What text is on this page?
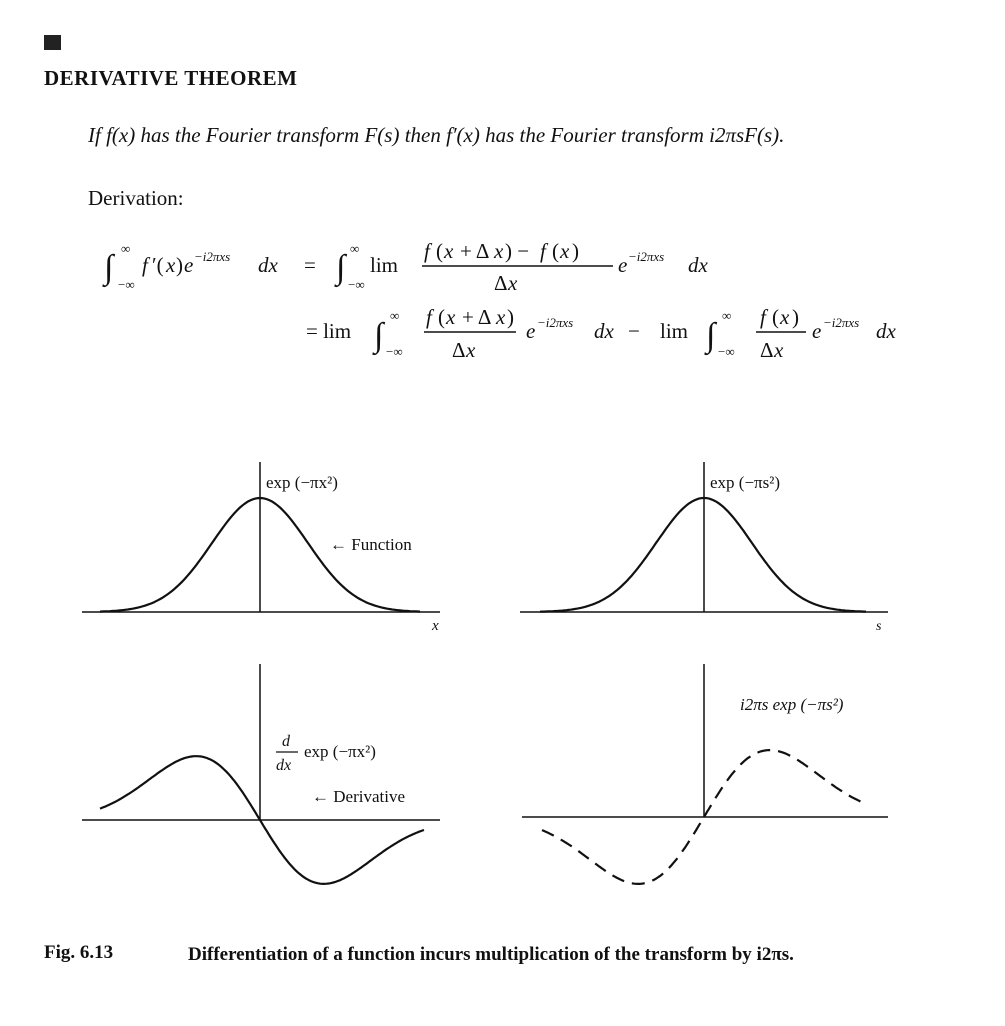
DERIVATIVE THEOREM
If f(x) has the Fourier transform F(s) then f′(x) has the Fourier transform i2πsF(s).
Derivation:
∫
∞
−∞
f ′( x ) e −i2πxs dx = ∫
∞
−∞
lim
f ( x + Δ x ) − f ( x )
Δ x
e −i2πxs dx
= lim ∫
∞
−∞
f ( x + Δ x )
Δ x
e −i2πxs dx − lim ∫
∞
−∞
f ( x )
Δ x
e −i2πxs dx
exp (−πx²)
← Function
x
exp (−πs²)
s
d
dx
exp (−πx²)
← Derivative
i2πs exp (−πs²)
Fig. 6.13	Differentiation of a function incurs multiplication of the transform by i2πs.
